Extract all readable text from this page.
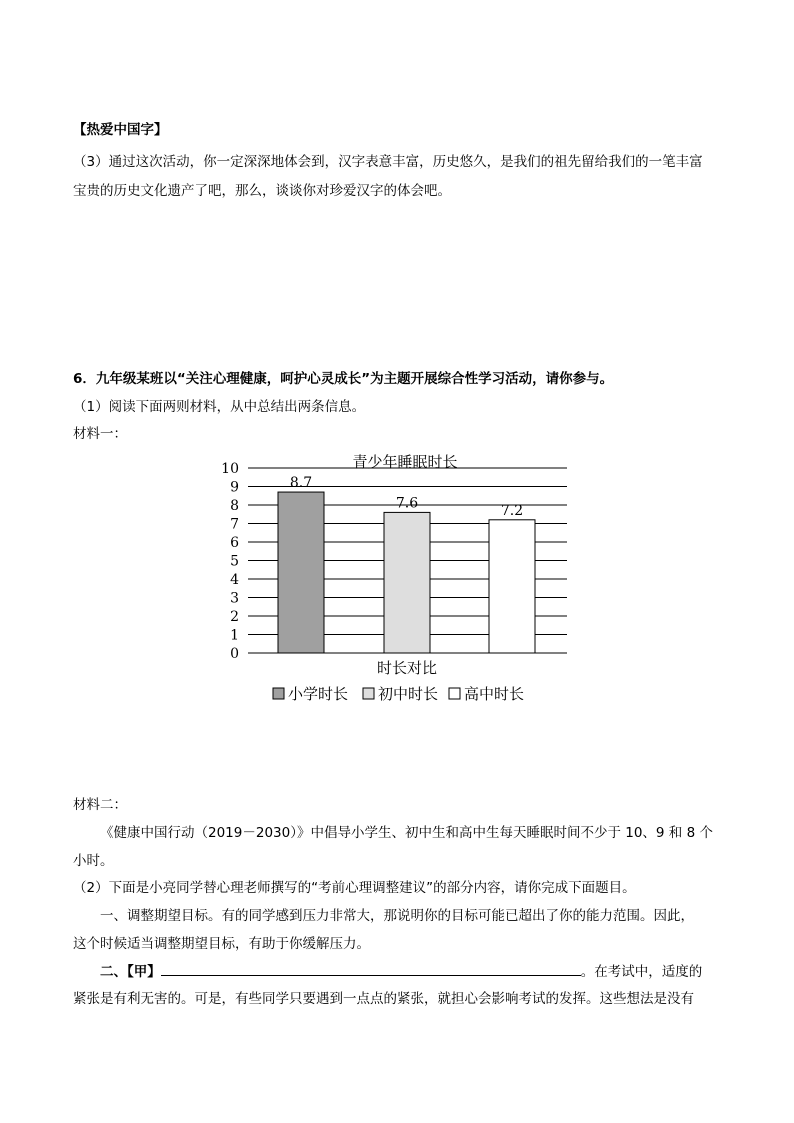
【热爱中国字】
（3）通过这次活动，你一定深深地体会到，汉字表意丰富，历史悠久，是我们的祖先留给我们的一笔丰富
宝贵的历史文化遗产了吧，那么，谈谈你对珍爱汉字的体会吧。
6．九年级某班以“关注心理健康，呵护心灵成长”为主题开展综合性学习活动，请你参与。
（1）阅读下面两则材料，从中总结出两条信息。
材料一：
青少年睡眠时长
0
1
2
3
4
5
6
7
8
9
10
8.7
7.6	7.2
时长对比
小学时长 初中时长 高中时长
材料二：
《健康中国行动（2019－2030）》中倡导小学生、初中生和高中生每天睡眠时间不少于 10、9 和 8 个
小时。
（2）下面是小亮同学替心理老师撰写的“考前心理调整建议”的部分内容，请你完成下面题目。
一、调整期望目标。有的同学感到压力非常大，那说明你的目标可能已超出了你的能力范围。因此，
这个时候适当调整期望目标，有助于你缓解压力。
二、【甲】	。在考试中，适度的
紧张是有利无害的。可是，有些同学只要遇到一点点的紧张，就担心会影响考试的发挥。这些想法是没有
